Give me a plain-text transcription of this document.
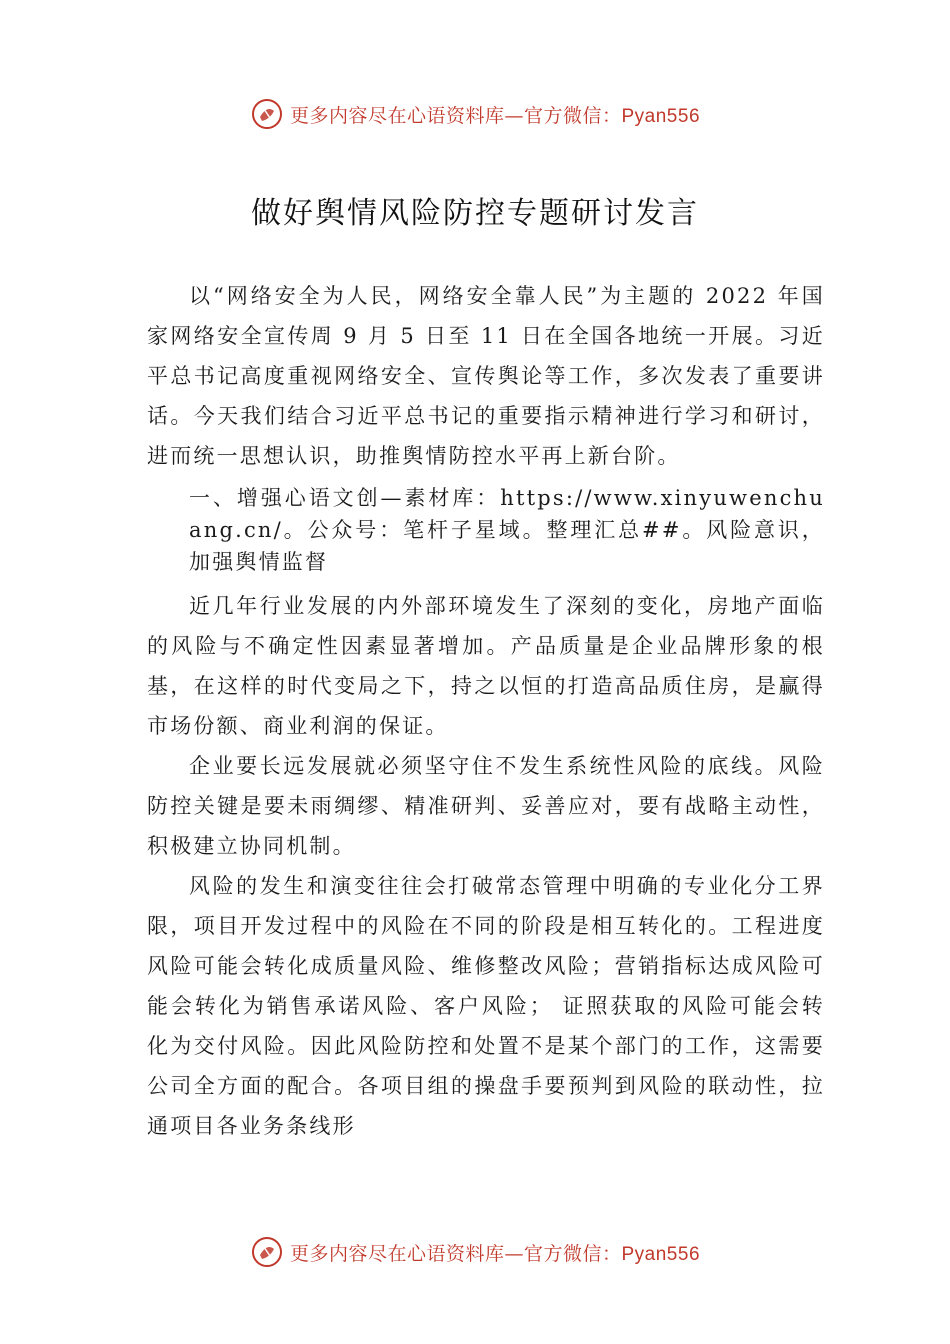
更多内容尽在心语资料库—官方微信：Pyan556
做好舆情风险防控专题研讨发言

以“网络安全为人民，网络安全靠人民”为主题的 2022 年国家网络安全宣传周 9 月 5 日至 11 日在全国各地统一开展。习近平总书记高度重视网络安全、宣传舆论等工作，多次发表了重要讲话。今天我们结合习近平总书记的重要指示精神进行学习和研讨，进而统一思想认识，助推舆情防控水平再上新台阶。

一、增强心语文创—素材库：https://www.xinyuwenchuang.cn/。公众号：笔杆子星域。整理汇总##。风险意识，加强舆情监督

近几年行业发展的内外部环境发生了深刻的变化，房地产面临的风险与不确定性因素显著增加。产品质量是企业品牌形象的根基，在这样的时代变局之下，持之以恒的打造高品质住房，是赢得市场份额、商业利润的保证。

企业要长远发展就必须坚守住不发生系统性风险的底线。风险防控关键是要未雨绸缪、精准研判、妥善应对，要有战略主动性，积极建立协同机制。

风险的发生和演变往往会打破常态管理中明确的专业化分工界限，项目开发过程中的风险在不同的阶段是相互转化的。工程进度风险可能会转化成质量风险、维修整改风险；营销指标达成风险可能会转化为销售承诺风险、客户风险； 证照获取的风险可能会转化为交付风险。因此风险防控和处置不是某个部门的工作，这需要公司全方面的配合。各项目组的操盘手要预判到风险的联动性，拉通项目各业务条线形

更多内容尽在心语资料库—官方微信：Pyan556
